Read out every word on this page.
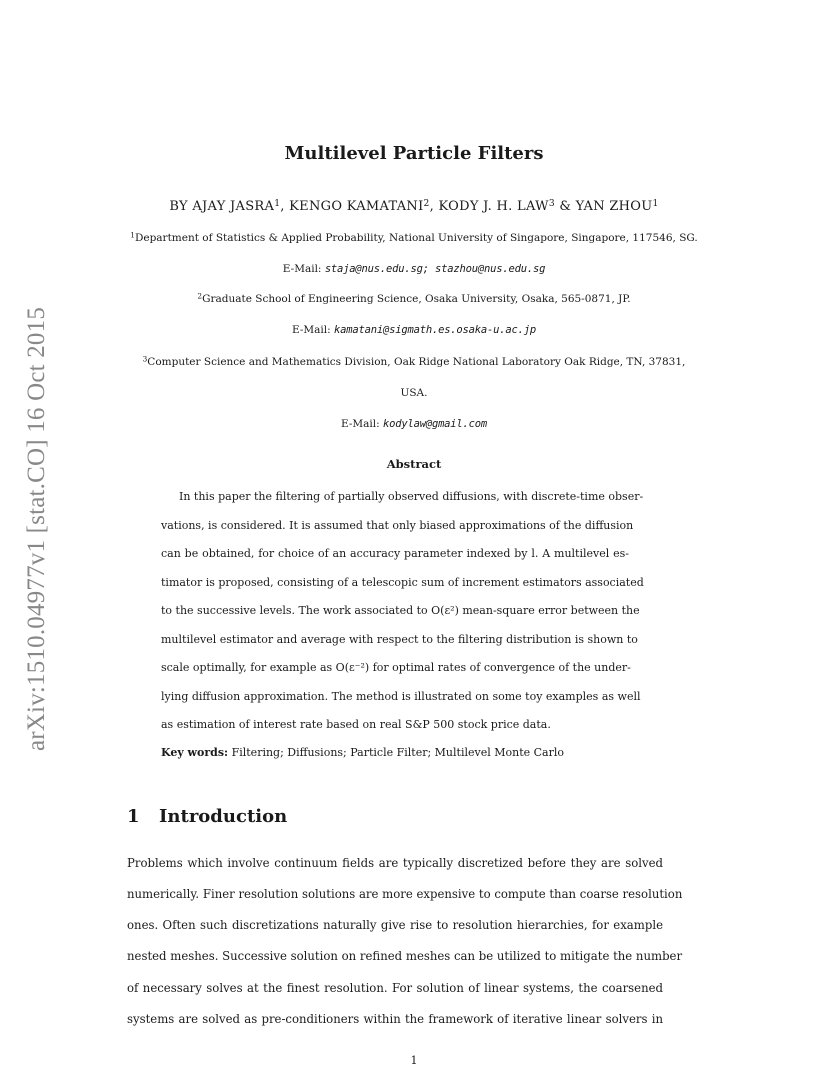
arXiv:1510.04977v1 [stat.CO] 16 Oct 2015
Multilevel Particle Filters
BY AJAY JASRA$^1$, KENGO KAMATANI$^2$, KODY J. H. LAW$^3$ & YAN ZHOU$^1$
$^1$Department of Statistics & Applied Probability, National University of Singapore, Singapore, 117546, SG.
E-Mail: staja@nus.edu.sg; stazhou@nus.edu.sg
$^2$Graduate School of Engineering Science, Osaka University, Osaka, 565-0871, JP.
E-Mail: kamatani@sigmath.es.osaka-u.ac.jp
$^3$Computer Science and Mathematics Division, Oak Ridge National Laboratory Oak Ridge, TN, 37831,
USA.
E-Mail: kodylaw@gmail.com
Abstract
In this paper the filtering of partially observed diffusions, with discrete-time obser-
vations, is considered. It is assumed that only biased approximations of the diffusion
can be obtained, for choice of an accuracy parameter indexed by l. A multilevel es-
timator is proposed, consisting of a telescopic sum of increment estimators associated
to the successive levels. The work associated to O(ε²) mean-square error between the
multilevel estimator and average with respect to the filtering distribution is shown to
scale optimally, for example as O(ε⁻²) for optimal rates of convergence of the under-
lying diffusion approximation. The method is illustrated on some toy examples as well
as estimation of interest rate based on real S&P 500 stock price data.
Key words: Filtering; Diffusions; Particle Filter; Multilevel Monte Carlo
1 Introduction
Problems which involve continuum fields are typically discretized before they are solved
numerically. Finer resolution solutions are more expensive to compute than coarse resolution
ones. Often such discretizations naturally give rise to resolution hierarchies, for example
nested meshes. Successive solution on refined meshes can be utilized to mitigate the number
of necessary solves at the finest resolution. For solution of linear systems, the coarsened
systems are solved as pre-conditioners within the framework of iterative linear solvers in
1
